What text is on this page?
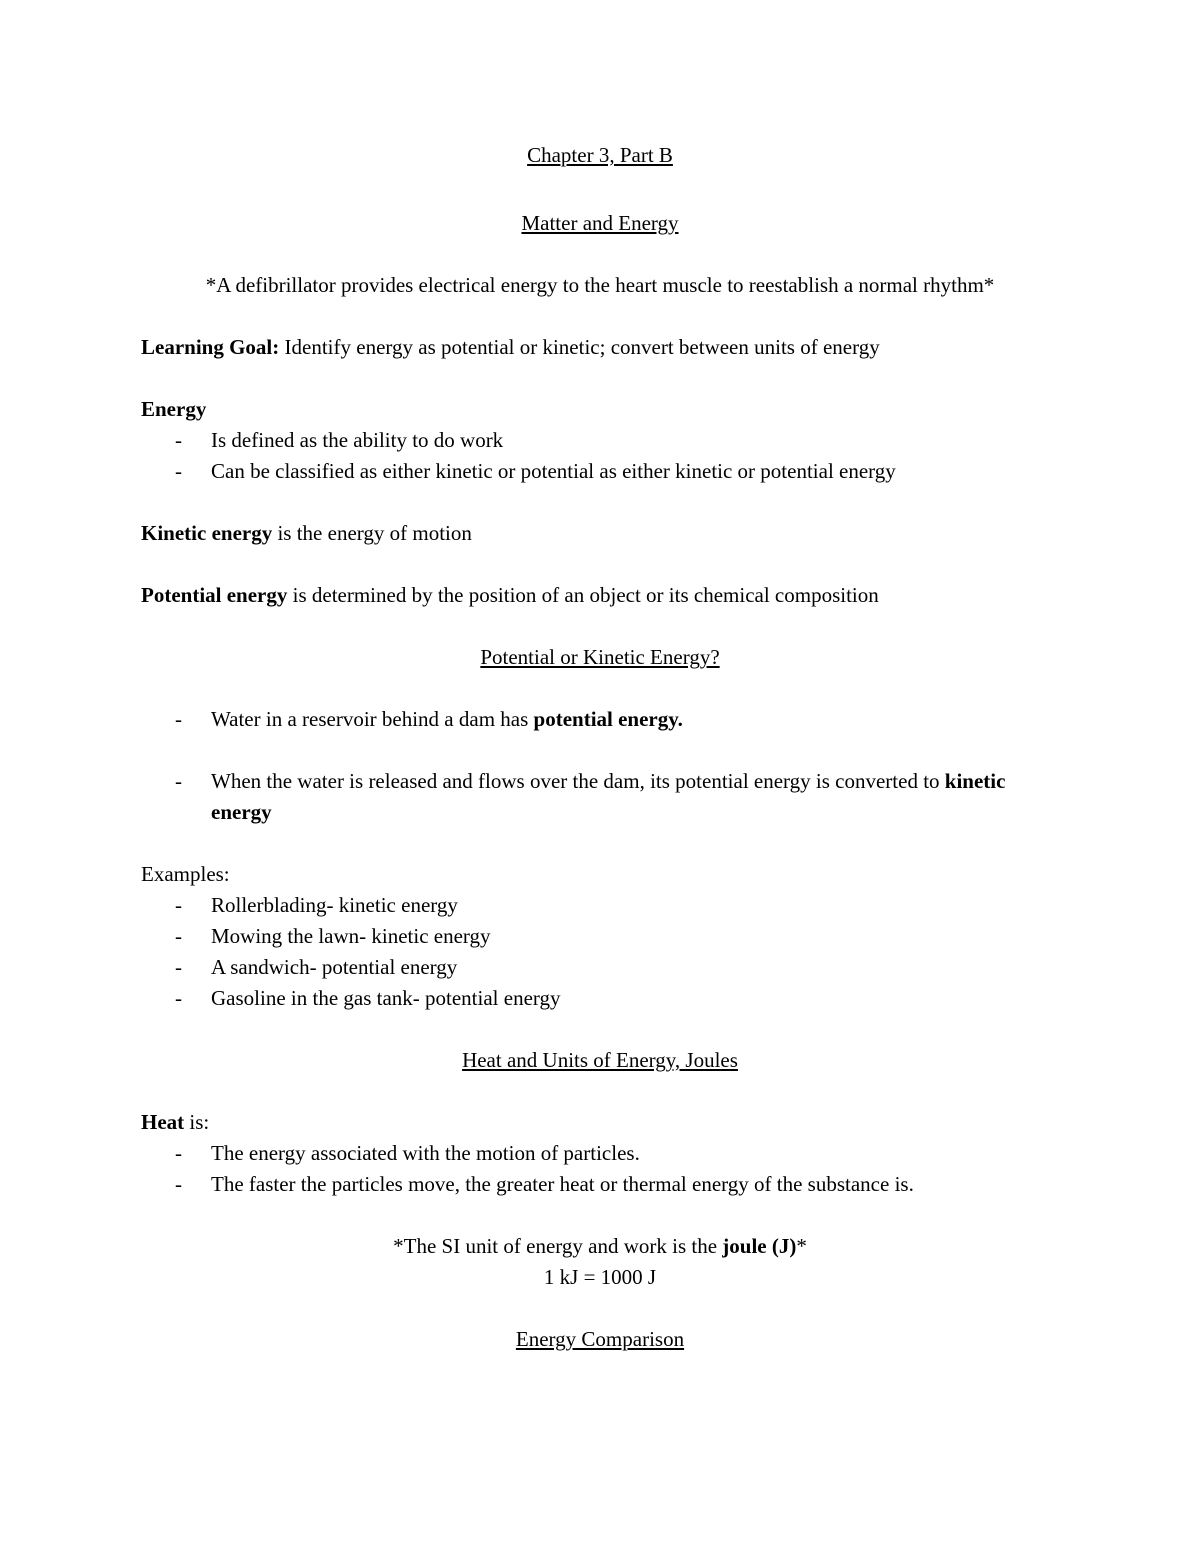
Chapter 3, Part B

Matter and Energy

*A defibrillator provides electrical energy to the heart muscle to reestablish a normal rhythm*

Learning Goal: Identify energy as potential or kinetic; convert between units of energy

Energy

- Is defined as the ability to do work
- Can be classified as either kinetic or potential as either kinetic or potential energy

Kinetic energy is the energy of motion

Potential energy is determined by the position of an object or its chemical composition

Potential or Kinetic Energy?

- Water in a reservoir behind a dam has potential energy.
- When the water is released and flows over the dam, its potential energy is converted to kinetic energy

Examples:

- Rollerblading- kinetic energy
- Mowing the lawn- kinetic energy
- A sandwich- potential energy
- Gasoline in the gas tank- potential energy

Heat and Units of Energy, Joules

Heat is:

- The energy associated with the motion of particles.
- The faster the particles move, the greater heat or thermal energy of the substance is.

*The SI unit of energy and work is the joule (J)*

1 kJ = 1000 J

Energy Comparison
